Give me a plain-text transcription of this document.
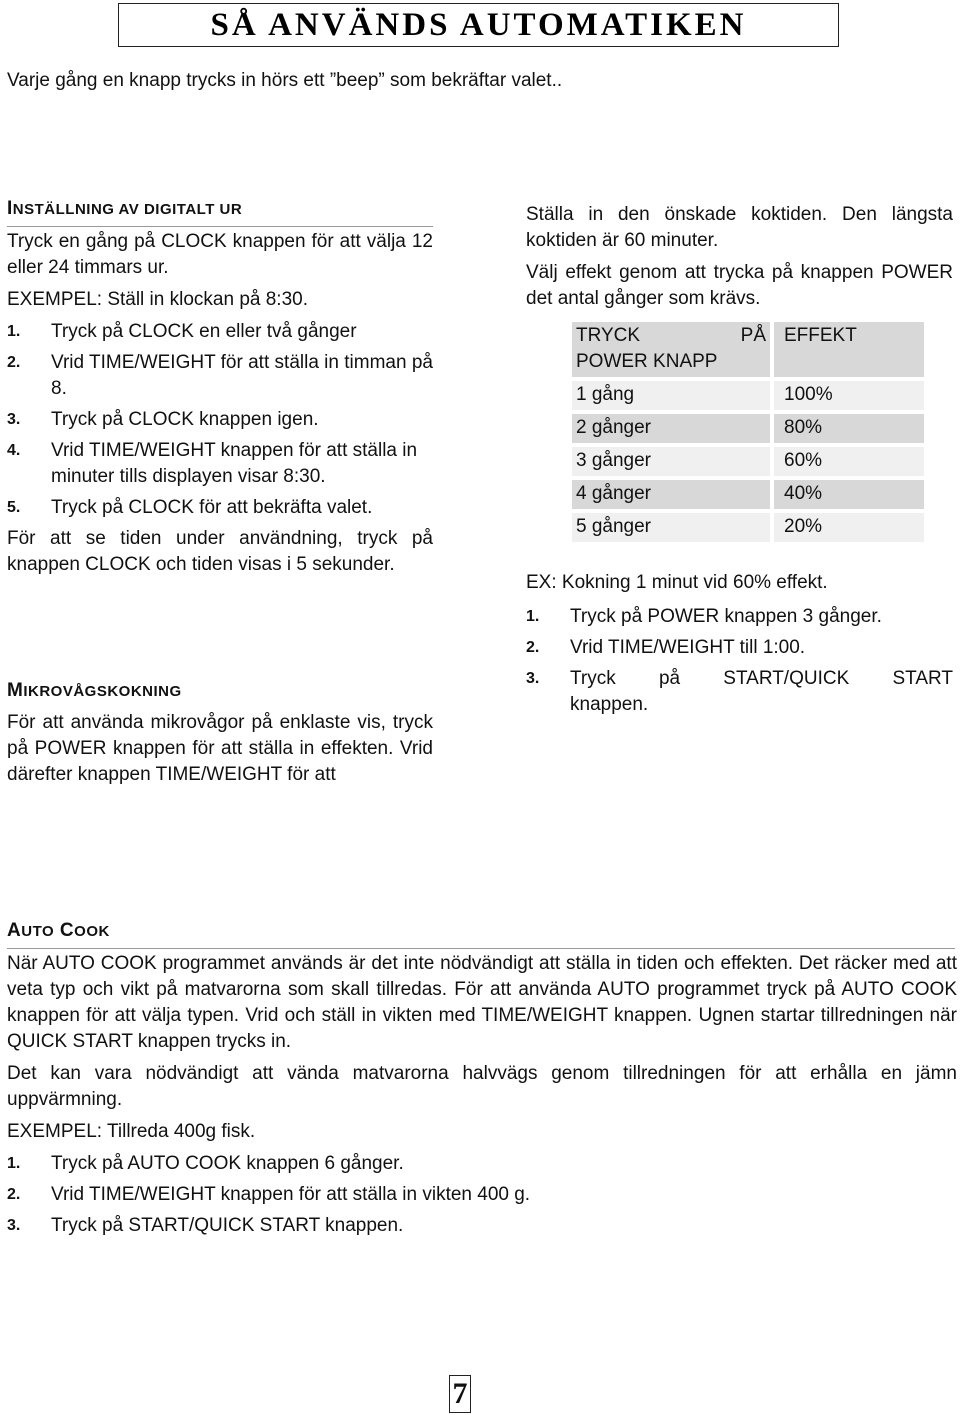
SÅ ANVÄNDS AUTOMATIKEN
Varje gång en knapp trycks in hörs ett ”beep” som bekräftar valet..
INSTÄLLNING AV DIGITALT UR
Tryck en gång på CLOCK knappen för att välja 12 eller 24 timmars ur.
EXEMPEL: Ställ in klockan på 8:30.
1.	Tryck på CLOCK en eller två gånger
2.	Vrid TIME/WEIGHT för att ställa in timman på 8.
3.	Tryck på CLOCK knappen igen.
4.	Vrid TIME/WEIGHT knappen för att ställa in minuter tills displayen visar 8:30.
5.	Tryck på CLOCK för att bekräfta valet.
För att se tiden under användning, tryck på knappen CLOCK och tiden visas i 5 sekunder.
MIKROVÅGSKOKNING
För att använda mikrovågor på enklaste vis, tryck på POWER knappen för att ställa in effekten. Vrid därefter knappen TIME/WEIGHT för att
Ställa in den önskade koktiden. Den längsta koktiden är 60 minuter.
Välj effekt genom att trycka på knappen POWER det antal gånger som krävs.
TRYCK PÅ
POWER KNAPP	EFFEKT
1 gång	100%
2 gånger	80%
3 gånger	60%
4 gånger	40%
5 gånger	20%
EX: Kokning 1 minut vid 60% effekt.
1.	Tryck på POWER knappen 3 gånger.
2.	Vrid TIME/WEIGHT till 1:00.
3.	Tryck på START/QUICK START knappen.
AUTO COOK
När AUTO COOK programmet används är det inte nödvändigt att ställa in tiden och effekten. Det räcker med att veta typ och vikt på matvarorna som skall tillredas. För att använda AUTO programmet tryck på AUTO COOK knappen för att välja typen. Vrid och ställ in vikten med TIME/WEIGHT knappen. Ugnen startar tillredningen när QUICK START knappen trycks in.
Det kan vara nödvändigt att vända matvarorna halvvägs genom tillredningen för att erhålla en jämn uppvärmning.
EXEMPEL: Tillreda 400g fisk.
1.	Tryck på AUTO COOK knappen 6 gånger.
2.	Vrid TIME/WEIGHT knappen för att ställa in vikten 400 g.
3.	Tryck på START/QUICK START knappen.
7
